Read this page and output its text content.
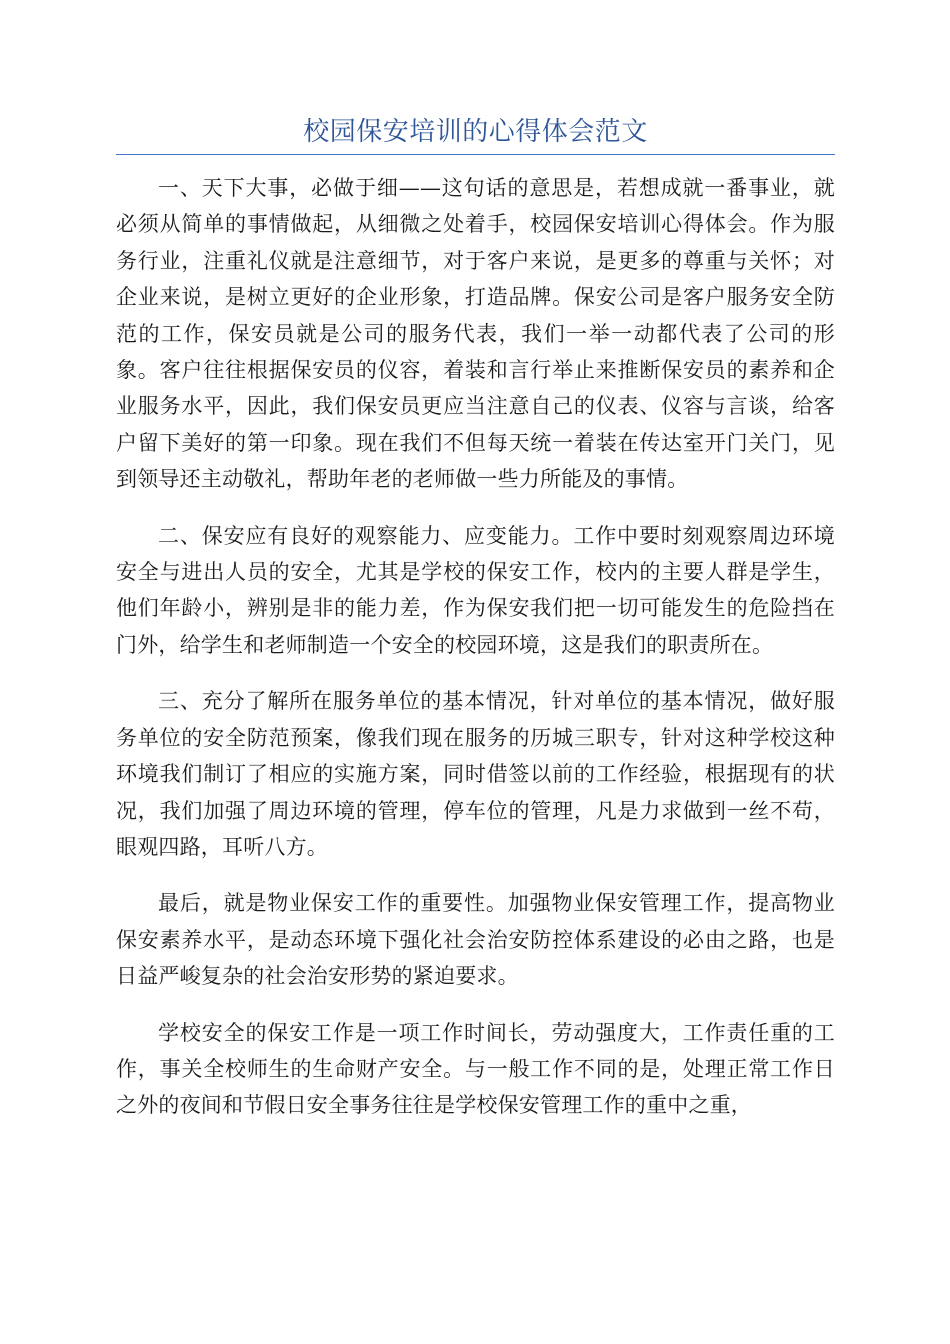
校园保安培训的心得体会范文

一、天下大事，必做于细——这句话的意思是，若想成就一番事业，就必须从简单的事情做起，从细微之处着手，校园保安培训心得体会。作为服务行业，注重礼仪就是注意细节，对于客户来说，是更多的尊重与关怀；对企业来说，是树立更好的企业形象，打造品牌。保安公司是客户服务安全防范的工作，保安员就是公司的服务代表，我们一举一动都代表了公司的形象。客户往往根据保安员的仪容，着装和言行举止来推断保安员的素养和企业服务水平，因此，我们保安员更应当注意自己的仪表、仪容与言谈，给客户留下美好的第一印象。现在我们不但每天统一着装在传达室开门关门，见到领导还主动敬礼，帮助年老的老师做一些力所能及的事情。

二、保安应有良好的观察能力、应变能力。工作中要时刻观察周边环境安全与进出人员的安全，尤其是学校的保安工作，校内的主要人群是学生，他们年龄小，辨别是非的能力差，作为保安我们把一切可能发生的危险挡在门外，给学生和老师制造一个安全的校园环境，这是我们的职责所在。

三、充分了解所在服务单位的基本情况，针对单位的基本情况，做好服务单位的安全防范预案，像我们现在服务的历城三职专，针对这种学校这种环境我们制订了相应的实施方案，同时借签以前的工作经验，根据现有的状况，我们加强了周边环境的管理，停车位的管理，凡是力求做到一丝不苟，眼观四路，耳听八方。

最后，就是物业保安工作的重要性。加强物业保安管理工作，提高物业保安素养水平，是动态环境下强化社会治安防控体系建设的必由之路，也是日益严峻复杂的社会治安形势的紧迫要求。

学校安全的保安工作是一项工作时间长，劳动强度大，工作责任重的工作，事关全校师生的生命财产安全。与一般工作不同的是，处理正常工作日之外的夜间和节假日安全事务往往是学校保安管理工作的重中之重，
